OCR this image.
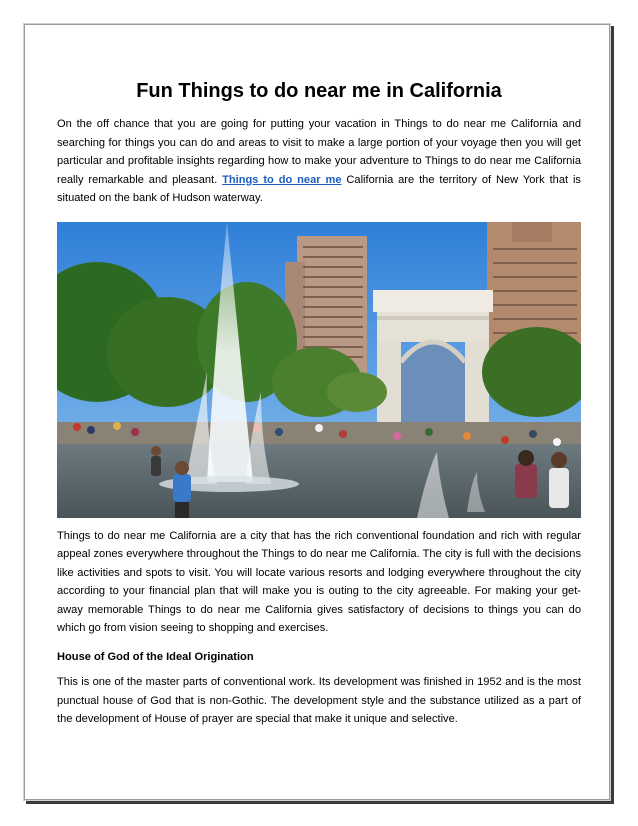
Fun Things to do near me in California

On the off chance that you are going for putting your vacation in Things to do near me California and searching for things you can do and areas to visit to make a large portion of your voyage then you will get particular and profitable insights regarding how to make your adventure to Things to do near me California really remarkable and pleasant. Things to do near me California are the territory of New York that is situated on the bank of Hudson waterway.

Things to do near me California are a city that has the rich conventional foundation and rich with regular appeal zones everywhere throughout the Things to do near me California. The city is full with the decisions like activities and spots to visit. You will locate various resorts and lodging everywhere throughout the city according to your financial plan that will make you is outing to the city agreeable. For making your get-away memorable Things to do near me California gives satisfactory of decisions to things you can do which go from vision seeing to shopping and exercises.

House of God of the Ideal Origination

This is one of the master parts of conventional work. Its development was finished in 1952 and is the most punctual house of God that is non-Gothic. The development style and the substance utilized as a part of the development of House of prayer are special that make it unique and selective.
